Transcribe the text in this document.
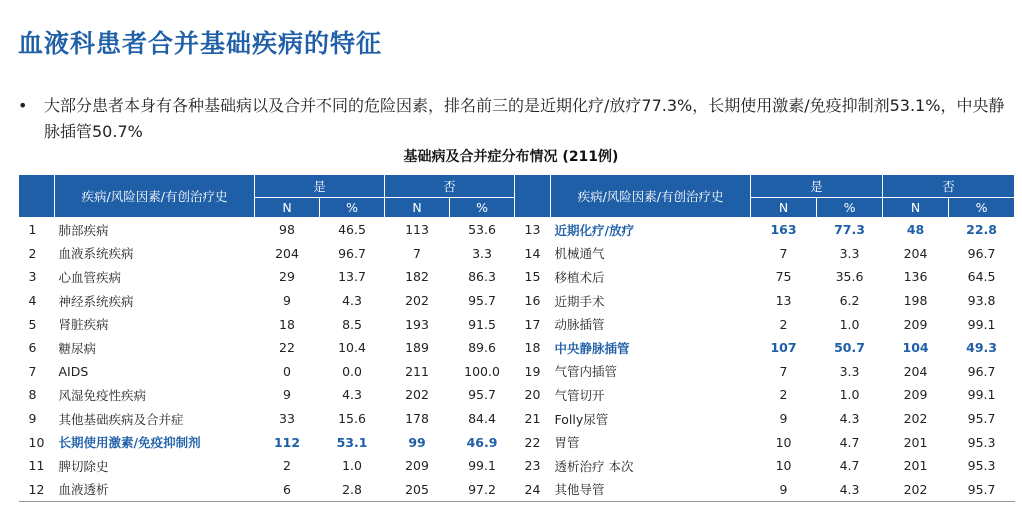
血液科患者合并基础疾病的特征
• 大部分患者本身有各种基础病以及合并不同的危险因素，排名前三的是近期化疗/放疗77.3%，长期使用激素/免疫抑制剂53.1%，中央静脉插管50.7%
基础病及合并症分布情况 (211例)
	疾病/风险因素/有创治疗史	是		否			疾病/风险因素/有创治疗史	是		否	
		N	%	N	%			N	%	N	%
1	肺部疾病	98	46.5	113	53.6	13	近期化疗/放疗	163	77.3	48	22.8
2	血液系统疾病	204	96.7	7	3.3	14	机械通气	7	3.3	204	96.7
3	心血管疾病	29	13.7	182	86.3	15	移植术后	75	35.6	136	64.5
4	神经系统疾病	9	4.3	202	95.7	16	近期手术	13	6.2	198	93.8
5	肾脏疾病	18	8.5	193	91.5	17	动脉插管	2	1.0	209	99.1
6	糖尿病	22	10.4	189	89.6	18	中央静脉插管	107	50.7	104	49.3
7	AIDS	0	0.0	211	100.0	19	气管内插管	7	3.3	204	96.7
8	风湿免疫性疾病	9	4.3	202	95.7	20	气管切开	2	1.0	209	99.1
9	其他基础疾病及合并症	33	15.6	178	84.4	21	Folly尿管	9	4.3	202	95.7
10	长期使用激素/免疫抑制剂	112	53.1	99	46.9	22	胃管	10	4.7	201	95.3
11	脾切除史	2	1.0	209	99.1	23	透析治疗 本次	10	4.7	201	95.3
12	血液透析	6	2.8	205	97.2	24	其他导管	9	4.3	202	95.7
